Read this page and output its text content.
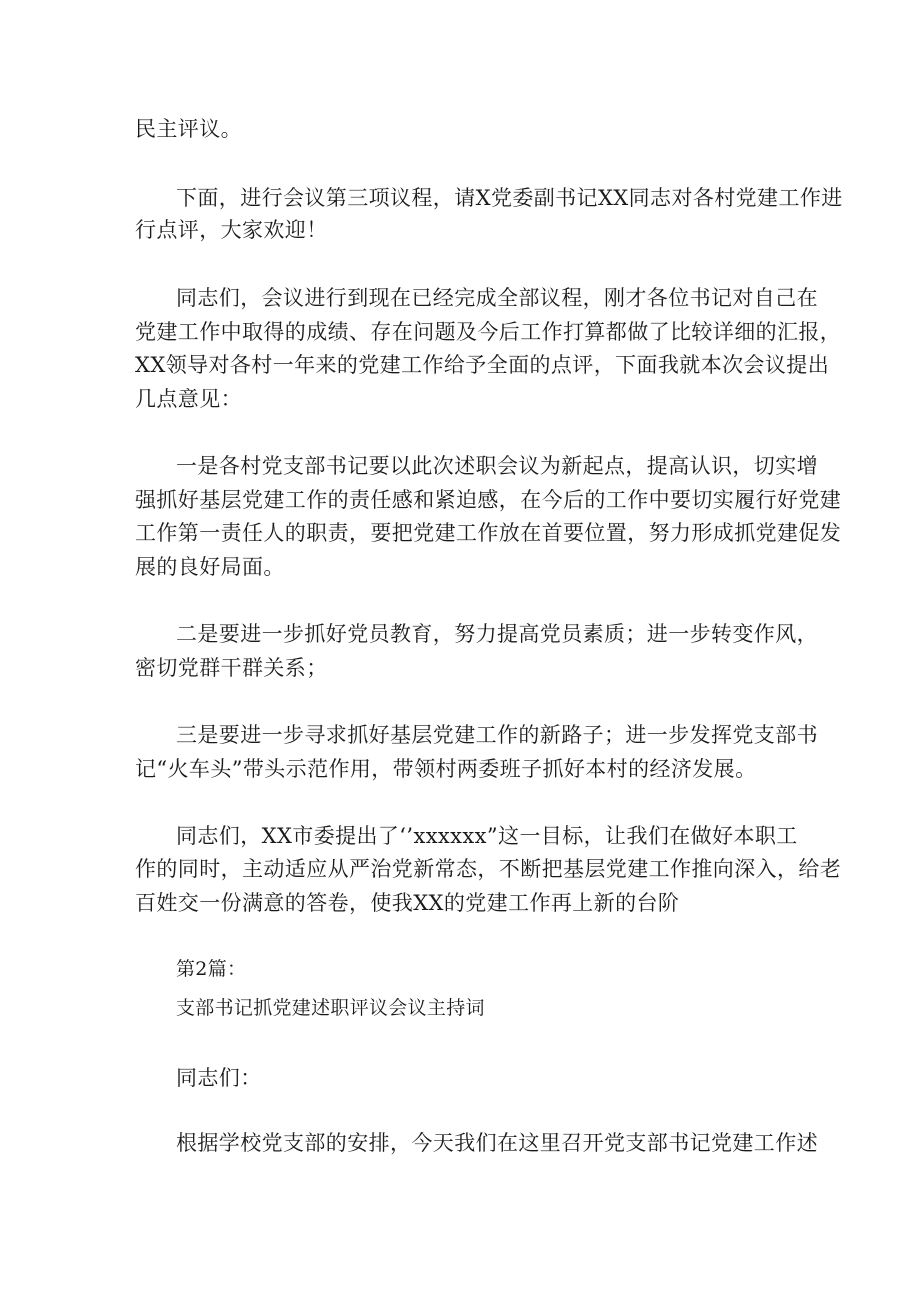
民主评议。
下面，进行会议第三项议程，请X党委副书记XX同志对各村党建工作进
行点评，大家欢迎！
同志们，会议进行到现在已经完成全部议程，刚才各位书记对自己在
党建工作中取得的成绩、存在问题及今后工作打算都做了比较详细的汇报，
XX领导对各村一年来的党建工作给予全面的点评，下面我就本次会议提出
几点意见：
一是各村党支部书记要以此次述职会议为新起点，提高认识，切实增
强抓好基层党建工作的责任感和紧迫感，在今后的工作中要切实履行好党建
工作第一责任人的职责，要把党建工作放在首要位置，努力形成抓党建促发
展的良好局面。
二是要进一步抓好党员教育，努力提高党员素质；进一步转变作风，
密切党群干群关系；
三是要进一步寻求抓好基层党建工作的新路子；进一步发挥党支部书
记“火车头”带头示范作用，带领村两委班子抓好本村的经济发展。
同志们，XX市委提出了‘’xxxxxx”这一目标，让我们在做好本职工
作的同时，主动适应从严治党新常态，不断把基层党建工作推向深入，给老
百姓交一份满意的答卷，使我XX的党建工作再上新的台阶
第2篇：
支部书记抓党建述职评议会议主持词
同志们：
根据学校党支部的安排，今天我们在这里召开党支部书记党建工作述
